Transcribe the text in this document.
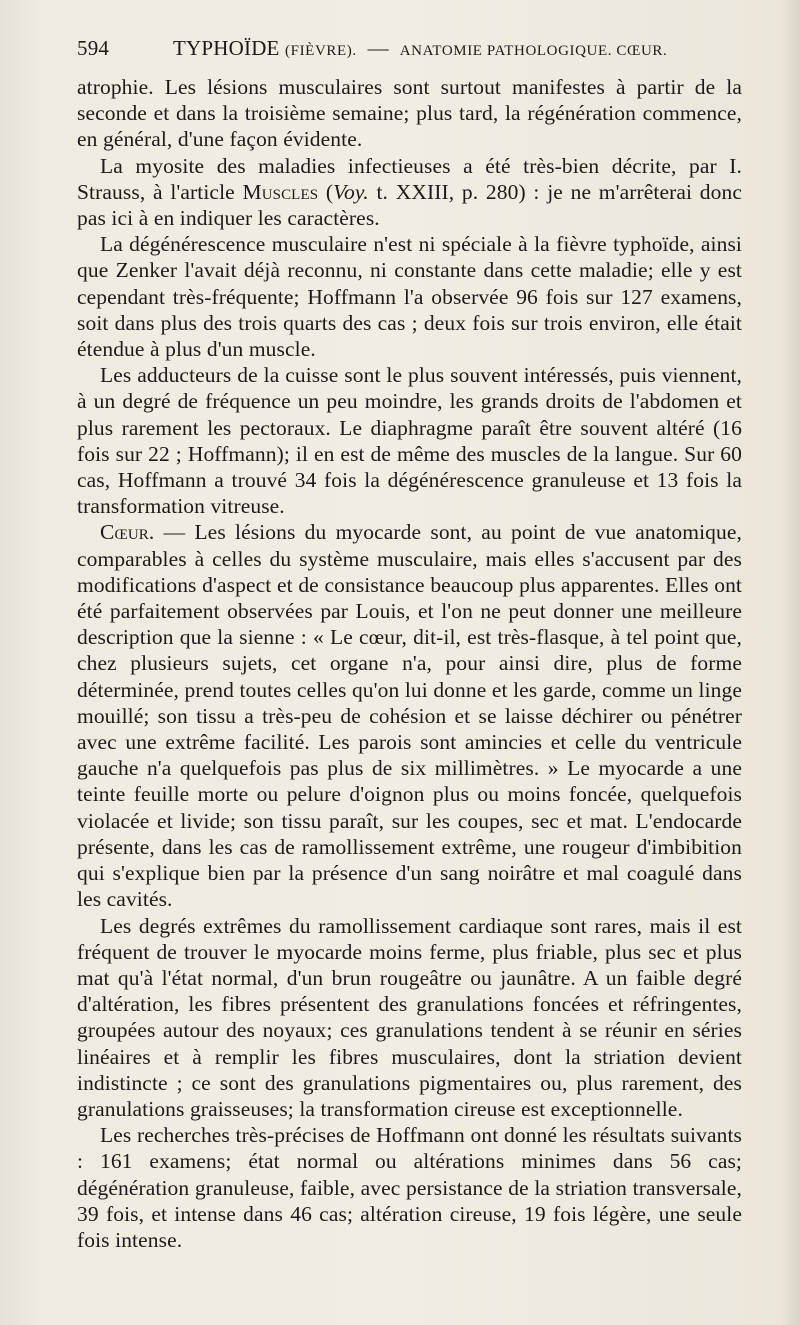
594	TYPHOÏDE (FIÈVRE). — ANATOMIE PATHOLOGIQUE. CŒUR.

atrophie. Les lésions musculaires sont surtout manifestes à partir de la seconde et dans la troisième semaine; plus tard, la régénération commence, en général, d'une façon évidente.

La myosite des maladies infectieuses a été très-bien décrite, par I. Strauss, à l'article Muscles (Voy. t. XXIII, p. 280) : je ne m'arrêterai donc pas ici à en indiquer les caractères.

La dégénérescence musculaire n'est ni spéciale à la fièvre typhoïde, ainsi que Zenker l'avait déjà reconnu, ni constante dans cette maladie; elle y est cependant très-fréquente; Hoffmann l'a observée 96 fois sur 127 examens, soit dans plus des trois quarts des cas ; deux fois sur trois environ, elle était étendue à plus d'un muscle.

Les adducteurs de la cuisse sont le plus souvent intéressés, puis viennent, à un degré de fréquence un peu moindre, les grands droits de l'abdomen et plus rarement les pectoraux. Le diaphragme paraît être souvent altéré (16 fois sur 22 ; Hoffmann); il en est de même des muscles de la langue. Sur 60 cas, Hoffmann a trouvé 34 fois la dégénérescence granuleuse et 13 fois la transformation vitreuse.

Cœur. — Les lésions du myocarde sont, au point de vue anatomique, comparables à celles du système musculaire, mais elles s'accusent par des modifications d'aspect et de consistance beaucoup plus apparentes. Elles ont été parfaitement observées par Louis, et l'on ne peut donner une meilleure description que la sienne : « Le cœur, dit-il, est très-flasque, à tel point que, chez plusieurs sujets, cet organe n'a, pour ainsi dire, plus de forme déterminée, prend toutes celles qu'on lui donne et les garde, comme un linge mouillé; son tissu a très-peu de cohésion et se laisse déchirer ou pénétrer avec une extrême facilité. Les parois sont amincies et celle du ventricule gauche n'a quelquefois pas plus de six millimètres. » Le myocarde a une teinte feuille morte ou pelure d'oignon plus ou moins foncée, quelquefois violacée et livide; son tissu paraît, sur les coupes, sec et mat. L'endocarde présente, dans les cas de ramollissement extrême, une rougeur d'imbibition qui s'explique bien par la présence d'un sang noirâtre et mal coagulé dans les cavités.

Les degrés extrêmes du ramollissement cardiaque sont rares, mais il est fréquent de trouver le myocarde moins ferme, plus friable, plus sec et plus mat qu'à l'état normal, d'un brun rougeâtre ou jaunâtre. A un faible degré d'altération, les fibres présentent des granulations foncées et réfringentes, groupées autour des noyaux; ces granulations tendent à se réunir en séries linéaires et à remplir les fibres musculaires, dont la striation devient indistincte ; ce sont des granulations pigmentaires ou, plus rarement, des granulations graisseuses; la transformation cireuse est exceptionnelle.

Les recherches très-précises de Hoffmann ont donné les résultats suivants : 161 examens; état normal ou altérations minimes dans 56 cas; dégénération granuleuse, faible, avec persistance de la striation transversale, 39 fois, et intense dans 46 cas; altération cireuse, 19 fois légère, une seule fois intense.
